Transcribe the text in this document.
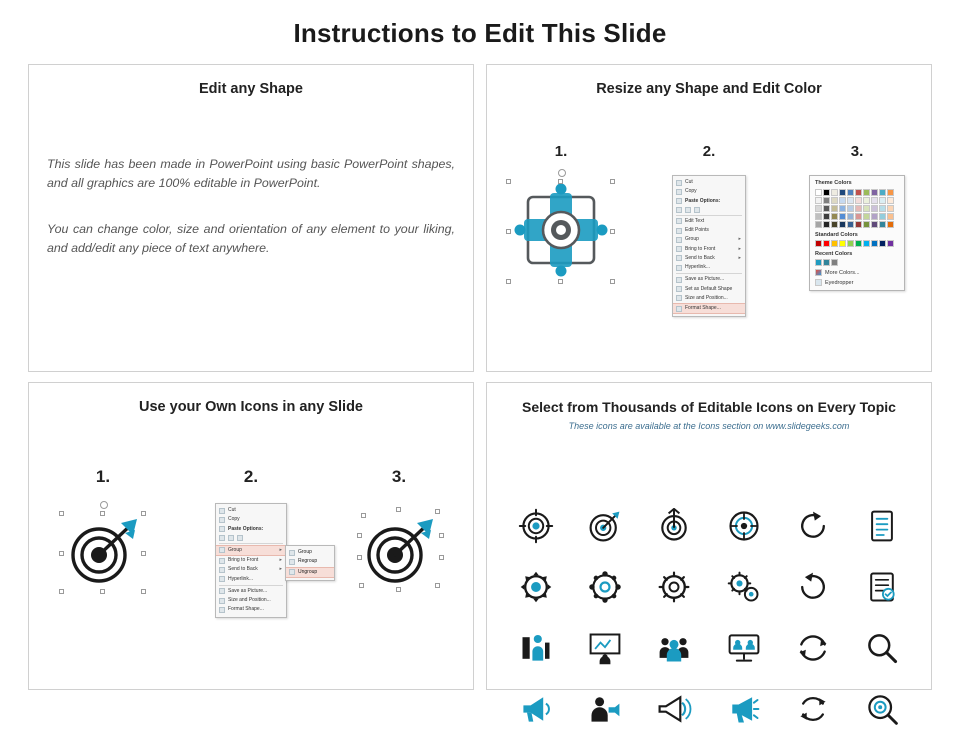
Instructions to Edit This Slide
Edit any Shape
This slide has been made in PowerPoint using basic PowerPoint shapes, and all graphics are 100% editable in PowerPoint.
You can change color, size and orientation of any element to your liking, and add/edit any piece of text anywhere.
Resize any Shape and Edit Color
1.	2.	3.
Cut
Copy
Paste Options:
Edit Text
Edit Points
Group	▸
Bring to Front	▸
Send to Back	▸
Hyperlink...
Save as Picture...
Set as Default Shape
Size and Position...
Format Shape...
Theme Colors
Standard Colors
Recent Colors
More Colors...
Eyedropper
Use your Own Icons in any Slide
1.	2.	3.
Cut
Copy
Paste Options:
Group	▸
Bring to Front	▸
Send to Back	▸
Hyperlink...
Save as Picture...
Size and Position...
Format Shape...
Group
Regroup
Ungroup
Select from Thousands of Editable Icons on Every Topic
These icons are available at the Icons section on www.slidegeeks.com
